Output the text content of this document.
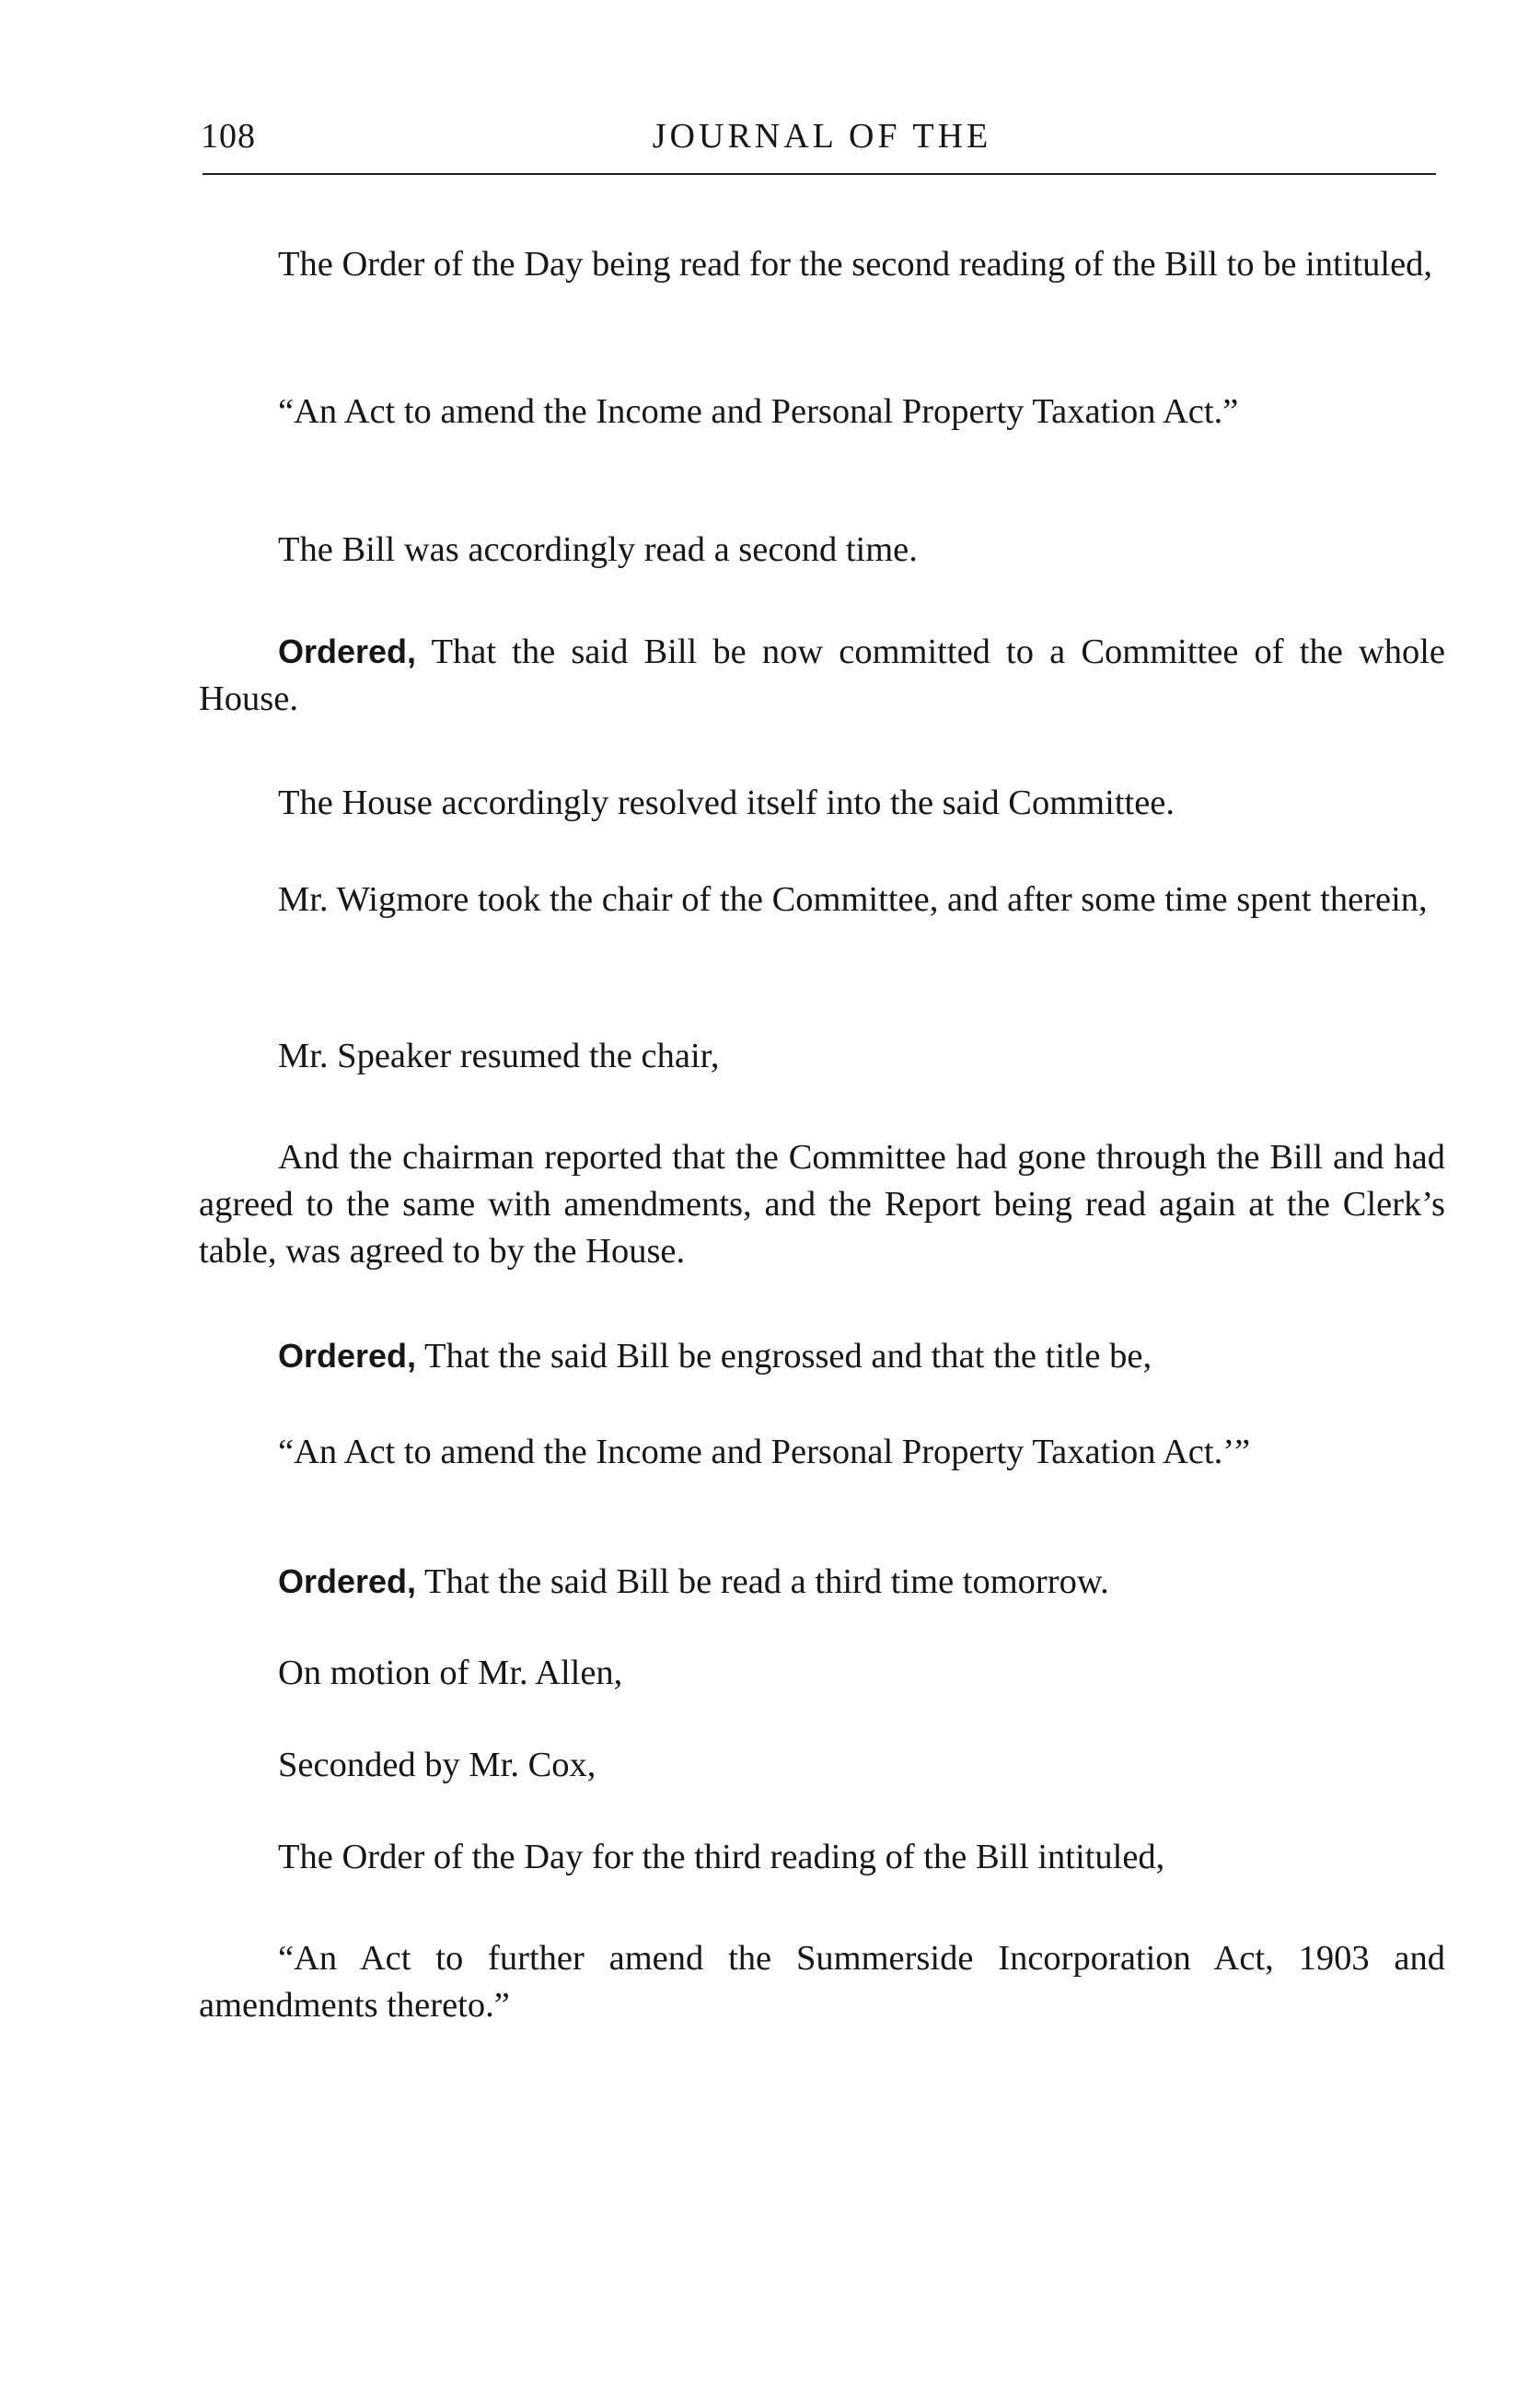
108	JOURNAL OF THE

The Order of the Day being read for the second reading of the Bill to be intituled,

“An Act to amend the Income and Personal Property Taxation Act.”

The Bill was accordingly read a second time.

Ordered, That the said Bill be now committed to a Committee of the whole House.

The House accordingly resolved itself into the said Committee.

Mr. Wigmore took the chair of the Committee, and after some time spent therein,

Mr. Speaker resumed the chair,

And the chairman reported that the Committee had gone through the Bill and had agreed to the same with amendments, and the Report being read again at the Clerk’s table, was agreed to by the House.

Ordered, That the said Bill be engrossed and that the title be,

“An Act to amend the Income and Personal Property Taxation Act.’”

Ordered, That the said Bill be read a third time tomorrow.

On motion of Mr. Allen,

Seconded by Mr. Cox,

The Order of the Day for the third reading of the Bill intituled,

“An Act to further amend the Summerside Incorporation Act, 1903 and amendments thereto.”
